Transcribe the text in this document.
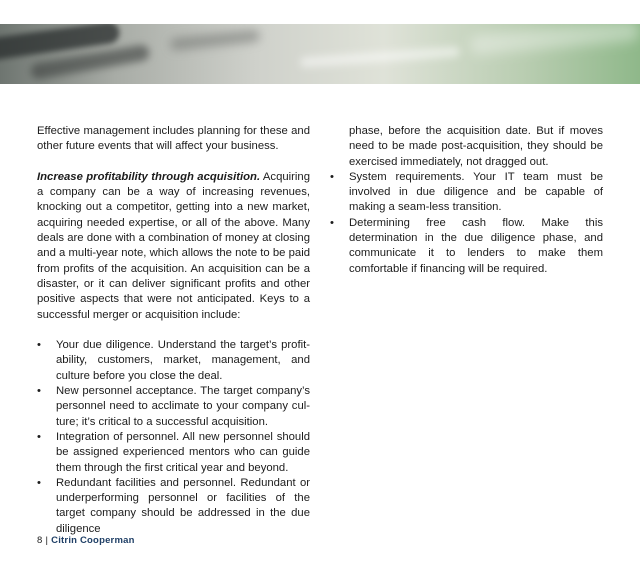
Effective management includes planning for these and other future events that will affect your business.

Increase profitability through acquisition. Acquiring a company can be a way of increasing revenues, knocking out a competitor, getting into a new market, acquiring needed expertise, or all of the above. Many deals are done with a combination of money at closing and a multi-year note, which allows the note to be paid from profits of the acquisition. An acquisition can be a disaster, or it can deliver significant profits and other positive aspects that were not anticipated. Keys to a successful merger or acquisition include:

• Your due diligence. Understand the target’s profit-ability, customers, market, management, and culture before you close the deal.
• New personnel acceptance. The target company’s personnel need to acclimate to your company cul-ture; it’s critical to a successful acquisition.
• Integration of personnel. All new personnel should be assigned experienced mentors who can guide them through the first critical year and beyond.
• Redundant facilities and personnel. Redundant or underperforming personnel or facilities of the target company should be addressed in the due diligence
phase, before the acquisition date. But if moves need to be made post-acquisition, they should be exercised immediately, not dragged out.
• System requirements. Your IT team must be involved in due diligence and be capable of making a seam-less transition.
• Determining free cash flow. Make this determination in the due diligence phase, and communicate it to lenders to make them comfortable if financing will be required.
8 | Citrin Cooperman
